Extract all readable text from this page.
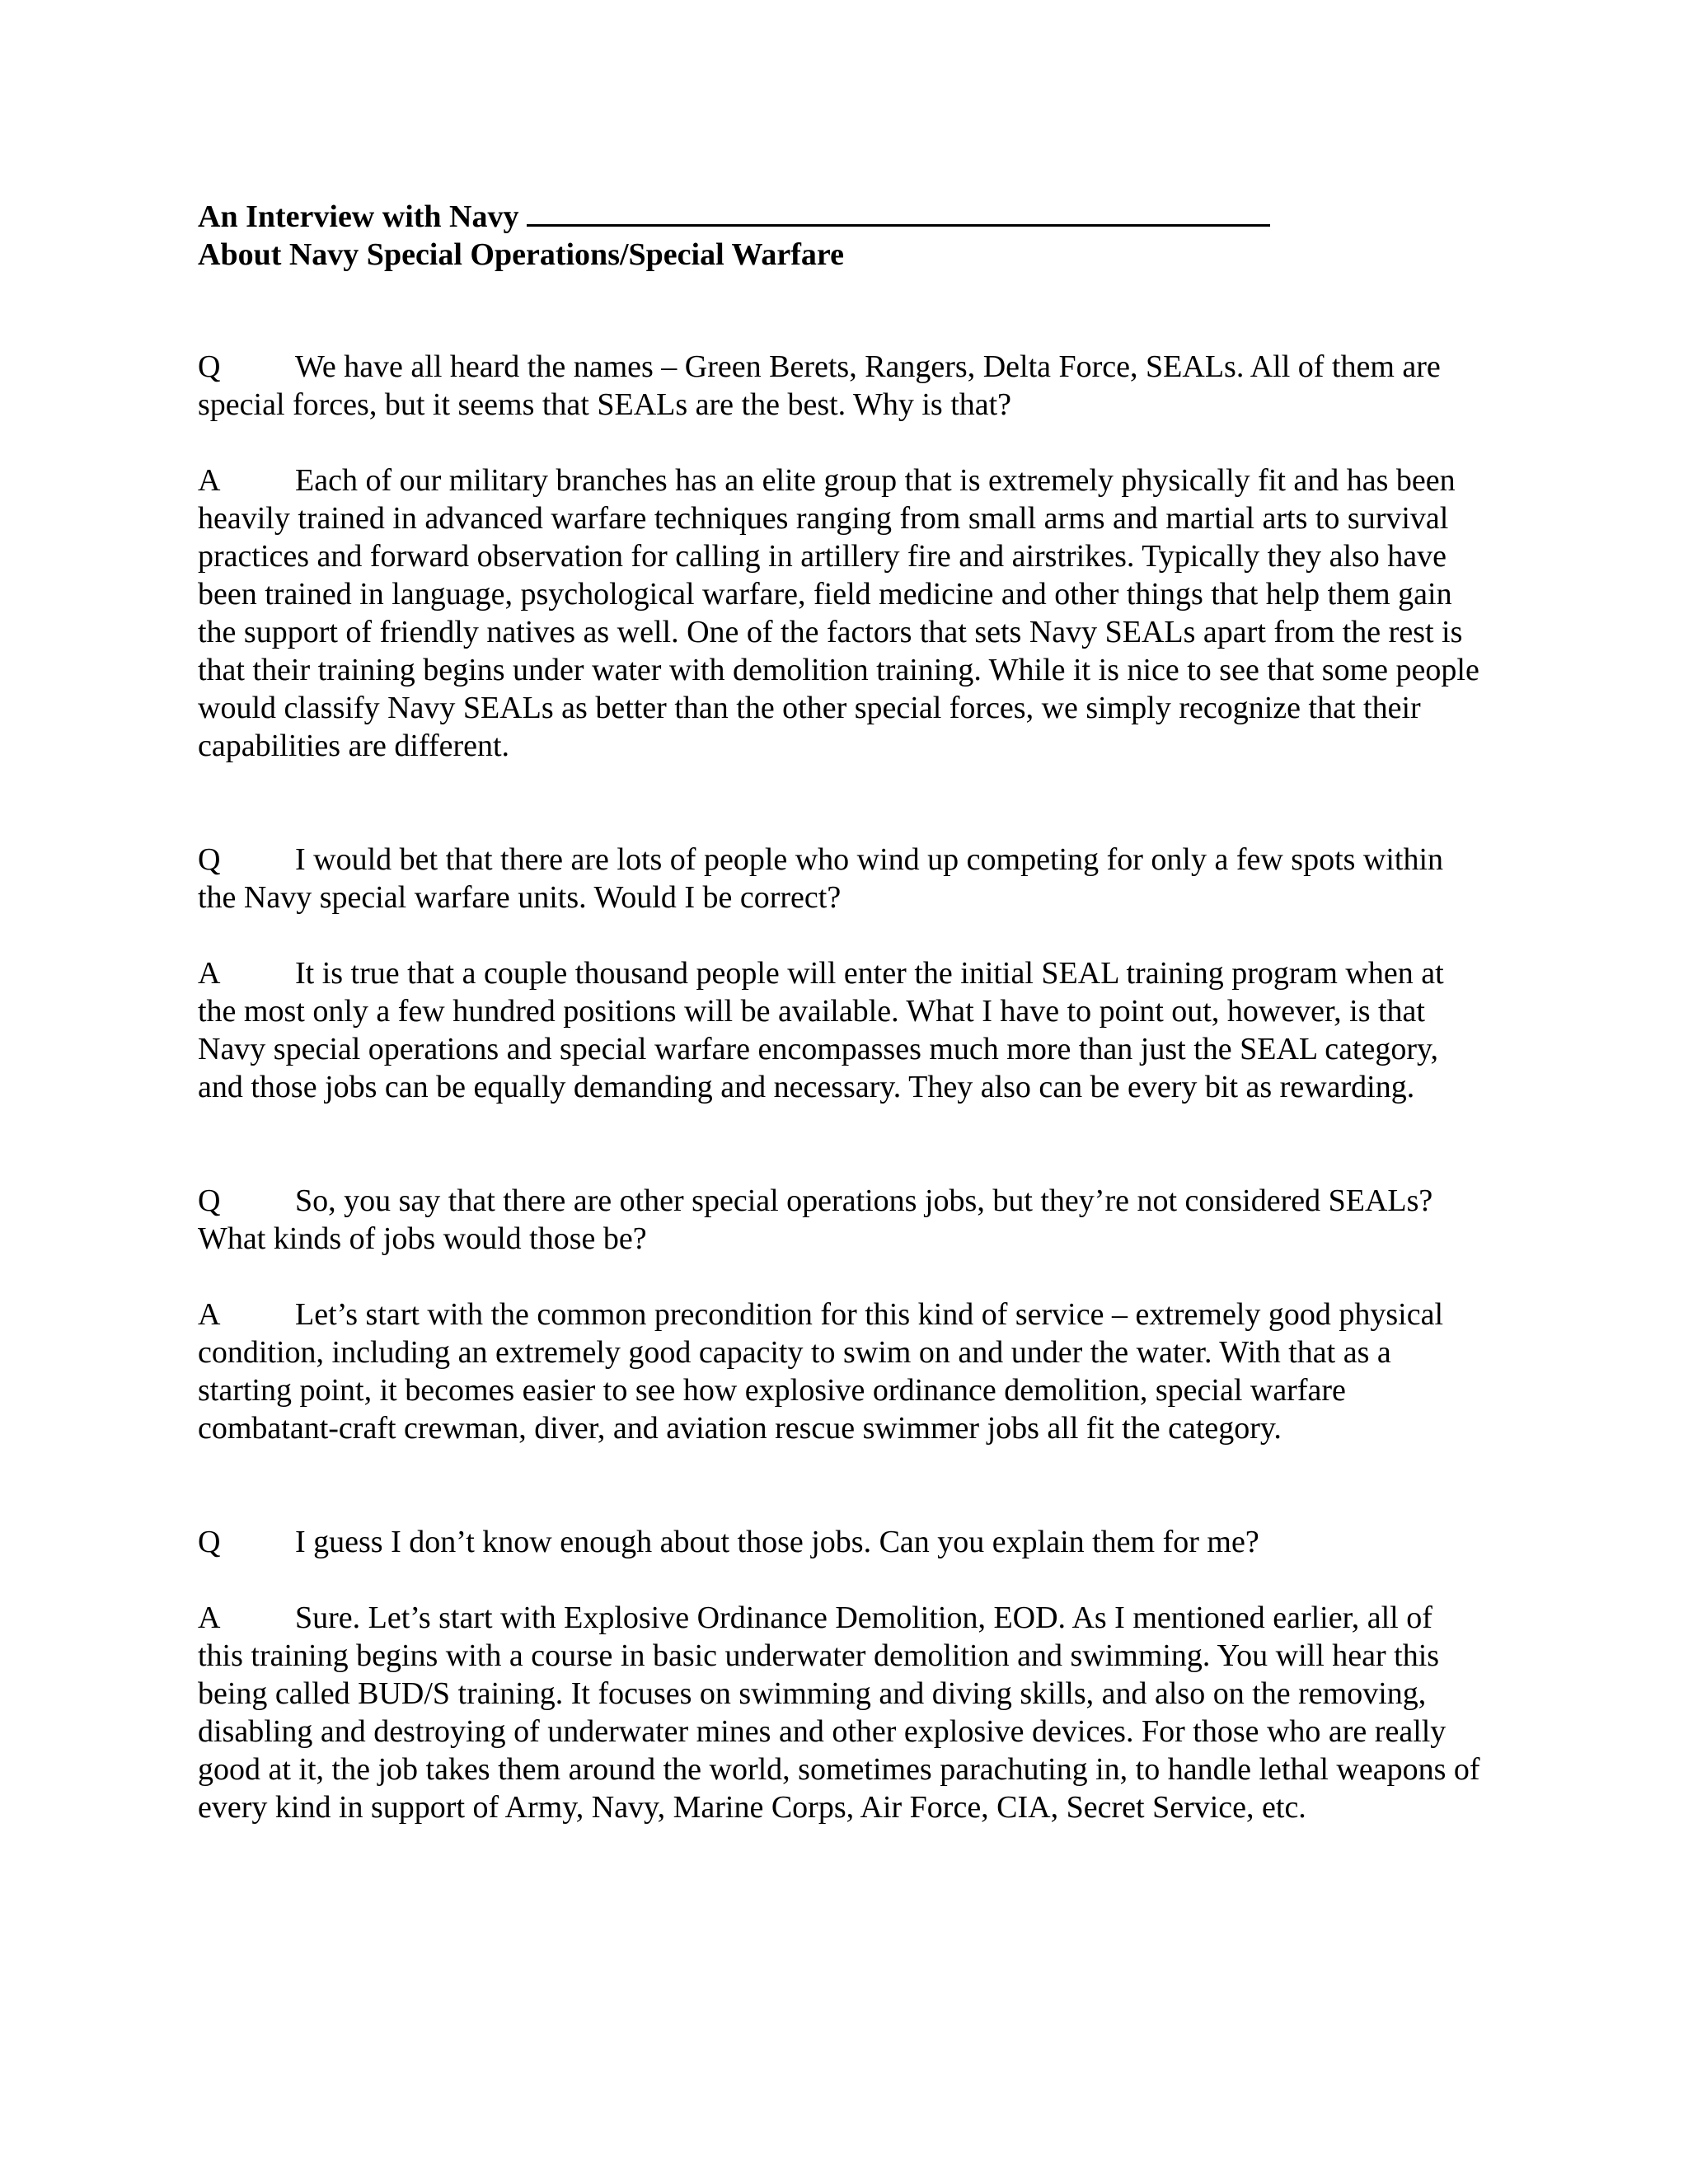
An Interview with Navy
About Navy Special Operations/Special Warfare

Q We have all heard the names – Green Berets, Rangers, Delta Force, SEALs. All of them are special forces, but it seems that SEALs are the best. Why is that?

A Each of our military branches has an elite group that is extremely physically fit and has been heavily trained in advanced warfare techniques ranging from small arms and martial arts to survival practices and forward observation for calling in artillery fire and airstrikes. Typically they also have been trained in language, psychological warfare, field medicine and other things that help them gain the support of friendly natives as well. One of the factors that sets Navy SEALs apart from the rest is that their training begins under water with demolition training. While it is nice to see that some people would classify Navy SEALs as better than the other special forces, we simply recognize that their capabilities are different.

Q I would bet that there are lots of people who wind up competing for only a few spots within the Navy special warfare units. Would I be correct?

A It is true that a couple thousand people will enter the initial SEAL training program when at the most only a few hundred positions will be available. What I have to point out, however, is that Navy special operations and special warfare encompasses much more than just the SEAL category, and those jobs can be equally demanding and necessary. They also can be every bit as rewarding.

Q So, you say that there are other special operations jobs, but they’re not considered SEALs? What kinds of jobs would those be?

A Let’s start with the common precondition for this kind of service – extremely good physical condition, including an extremely good capacity to swim on and under the water. With that as a starting point, it becomes easier to see how explosive ordinance demolition, special warfare combatant-craft crewman, diver, and aviation rescue swimmer jobs all fit the category.

Q I guess I don’t know enough about those jobs. Can you explain them for me?

A Sure. Let’s start with Explosive Ordinance Demolition, EOD. As I mentioned earlier, all of this training begins with a course in basic underwater demolition and swimming. You will hear this being called BUD/S training. It focuses on swimming and diving skills, and also on the removing, disabling and destroying of underwater mines and other explosive devices. For those who are really good at it, the job takes them around the world, sometimes parachuting in, to handle lethal weapons of every kind in support of Army, Navy, Marine Corps, Air Force, CIA, Secret Service, etc.
